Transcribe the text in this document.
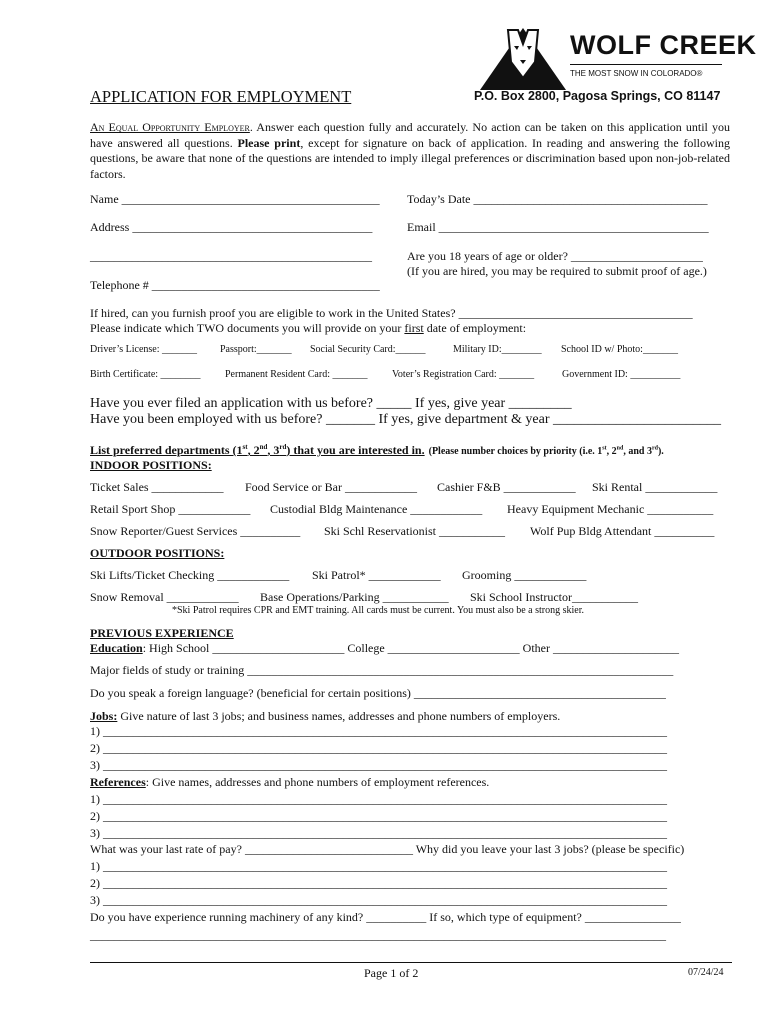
WOLF CREEK
THE MOST SNOW IN COLORADO®
APPLICATION FOR EMPLOYMENT	P.O. Box 2800, Pagosa Springs, CO 81147
An Equal Opportunity Employer. Answer each question fully and accurately. No action can be taken on this application until you have answered all questions. Please print, except for signature on back of application. In reading and answering the following questions, be aware that none of the questions are intended to imply illegal preferences or discrimination based upon non-job-related factors.
Name ___________________________________________ Today’s Date _______________________________________
Address ________________________________________	Email _____________________________________________
_______________________________________________	Are you 18 years of age or older? ______________________
(If you are hired, you may be required to submit proof of age.)
Telephone # ______________________________________
If hired, can you furnish proof you are eligible to work in the United States? _______________________________________
Please indicate which TWO documents you will provide on your first date of employment:
Driver’s License: _______ Passport:_______ Social Security Card:______	Military ID:________ School ID w/ Photo:_______
Birth Certificate: ________ Permanent Resident Card: _______ Voter’s Registration Card: _______	Government ID: __________
Have you ever filed an application with us before? _____ If yes, give year _________
Have you been employed with us before? _______ If yes, give department & year ________________________
List preferred departments (1st, 2nd, 3rd) that you are interested in. (Please number choices by priority (i.e. 1st, 2nd, and 3rd).
INDOOR POSITIONS:
Ticket Sales ____________ Food Service or Bar ____________ Cashier F&B ____________ Ski Rental ____________
Retail Sport Shop ____________ Custodial Bldg Maintenance ____________ Heavy Equipment Mechanic ___________
Snow Reporter/Guest Services __________ Ski Schl Reservationist ___________ Wolf Pup Bldg Attendant __________
OUTDOOR POSITIONS:
Ski Lifts/Ticket Checking ____________ Ski Patrol* ____________ Grooming ____________
Snow Removal ____________ Base Operations/Parking ___________ Ski School Instructor___________
*Ski Patrol requires CPR and EMT training. All cards must be current. You must also be a strong skier.
PREVIOUS EXPERIENCE
Education: High School ______________________ College ______________________ Other _____________________
Major fields of study or training _______________________________________________________________________
Do you speak a foreign language? (beneficial for certain positions) __________________________________________
Jobs: Give nature of last 3 jobs; and business names, addresses and phone numbers of employers.
1) ______________________________________________________________________________________________
2) ______________________________________________________________________________________________
3) ______________________________________________________________________________________________
References: Give names, addresses and phone numbers of employment references.
1) ______________________________________________________________________________________________
2) ______________________________________________________________________________________________
3) ______________________________________________________________________________________________
What was your last rate of pay? ____________________________ Why did you leave your last 3 jobs? (please be specific)
1) ______________________________________________________________________________________________
2) ______________________________________________________________________________________________
3) ______________________________________________________________________________________________
Do you have experience running machinery of any kind? __________ If so, which type of equipment? ________________
________________________________________________________________________________________________
Page 1 of 2	07/24/24
